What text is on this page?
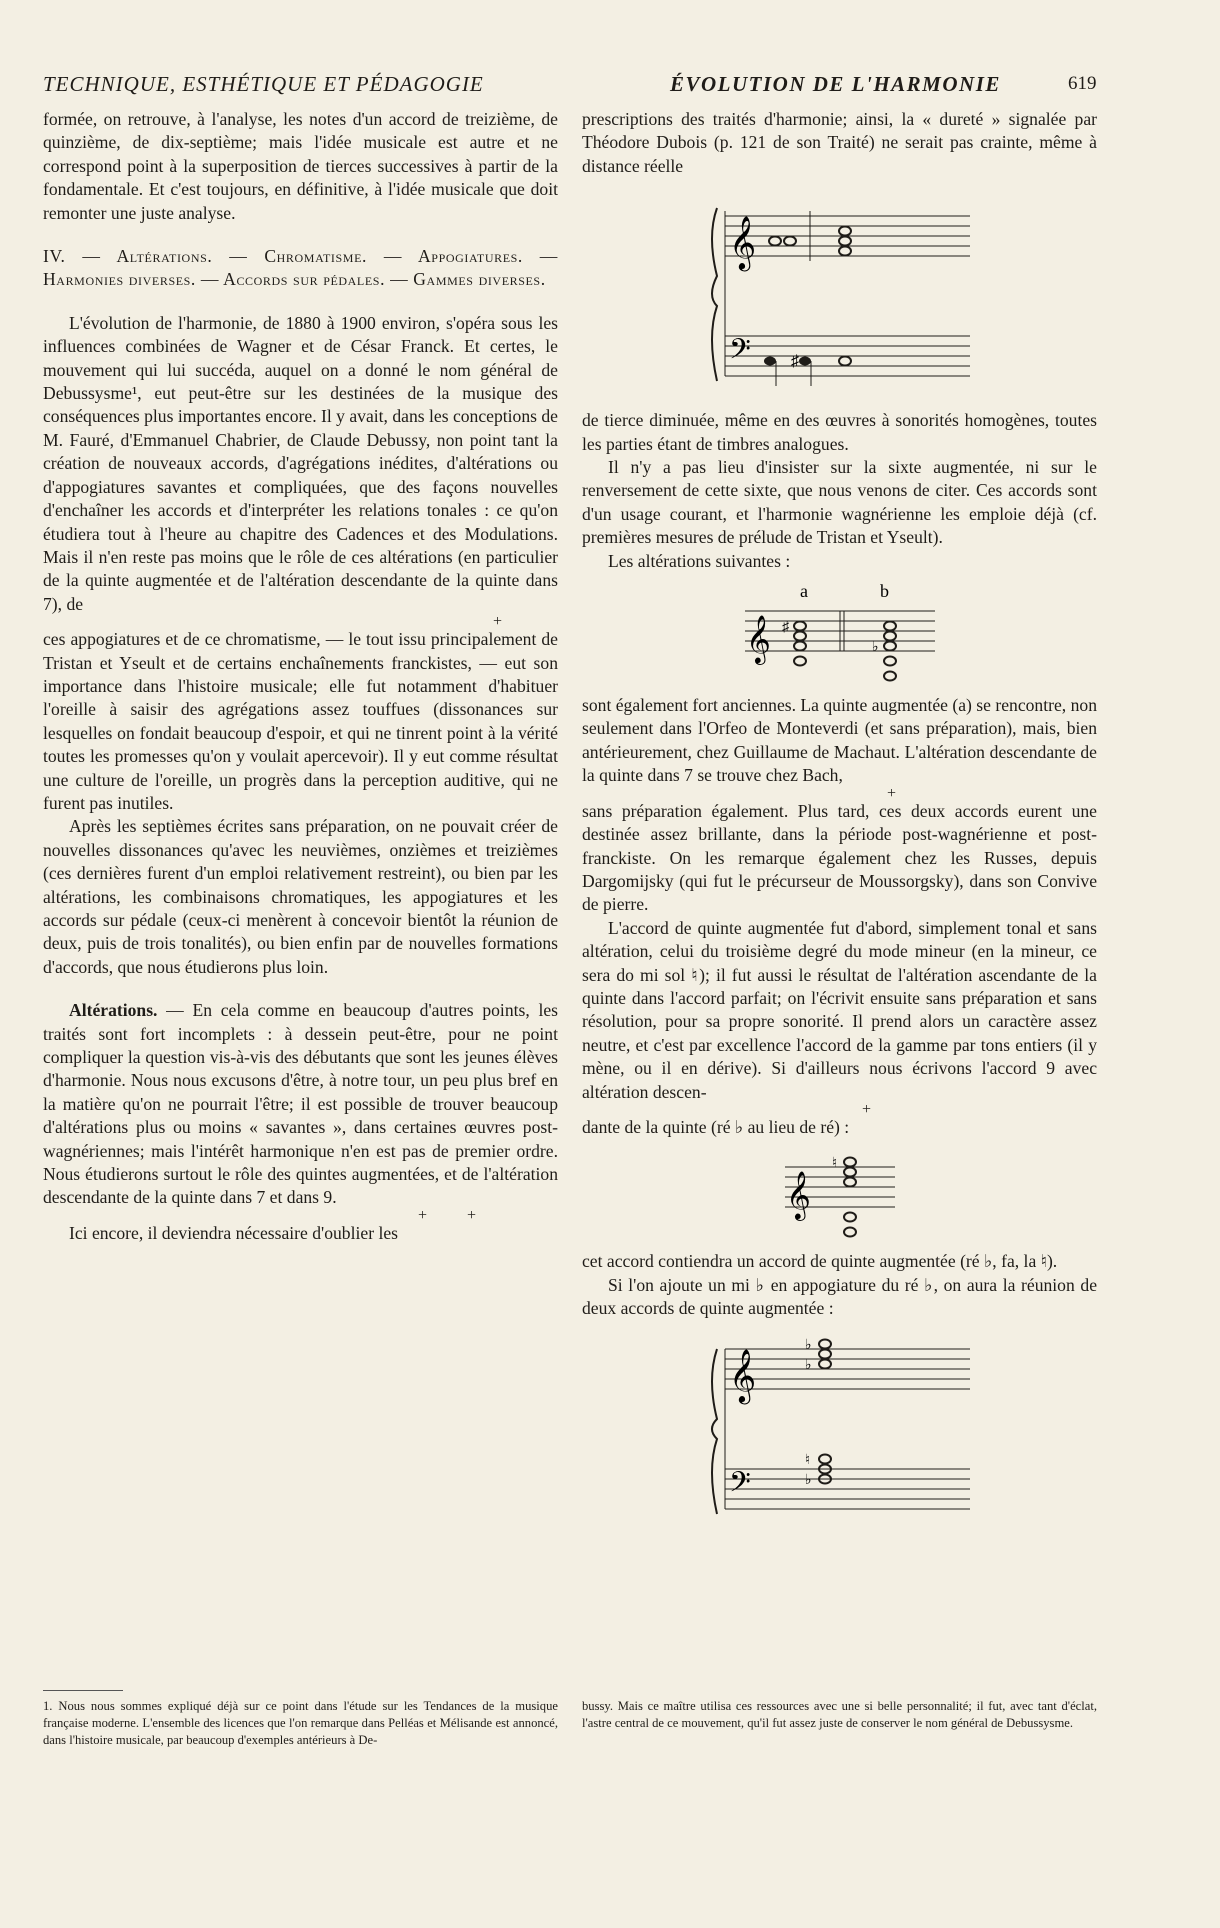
TECHNIQUE, ESTHÉTIQUE ET PÉDAGOGIE	ÉVOLUTION DE L'HARMONIE	619

formée, on retrouve, à l'analyse, les notes d'un accord de treizième, de quinzième, de dix-septième; mais l'idée musicale est autre et ne correspond point à la superposition de tierces successives à partir de la fondamentale. Et c'est toujours, en définitive, à l'idée musicale que doit remonter une juste analyse.

IV. — Altérations. — Chromatisme. — Appogiatures. — Harmonies diverses. — Accords sur pédales. — Gammes diverses.

L'évolution de l'harmonie, de 1880 à 1900 environ, s'opéra sous les influences combinées de Wagner et de César Franck. Et certes, le mouvement qui lui succéda, auquel on a donné le nom général de Debussysme¹, eut peut-être sur les destinées de la musique des conséquences plus importantes encore. Il y avait, dans les conceptions de M. Fauré, d'Emmanuel Chabrier, de Claude Debussy, non point tant la création de nouveaux accords, d'agrégations inédites, d'altérations ou d'appogiatures savantes et compliquées, que des façons nouvelles d'enchaîner les accords et d'interpréter les relations tonales : ce qu'on étudiera tout à l'heure au chapitre des Cadences et des Modulations. Mais il n'en reste pas moins que le rôle de ces altérations (en particulier de la quinte augmentée et de l'altération descendante de la quinte dans 7), de

+

ces appogiatures et de ce chromatisme, — le tout issu principalement de Tristan et Yseult et de certains enchaînements franckistes, — eut son importance dans l'histoire musicale; elle fut notamment d'habituer l'oreille à saisir des agrégations assez touffues (dissonances sur lesquelles on fondait beaucoup d'espoir, et qui ne tinrent point à la vérité toutes les promesses qu'on y voulait apercevoir). Il y eut comme résultat une culture de l'oreille, un progrès dans la perception auditive, qui ne furent pas inutiles.

Après les septièmes écrites sans préparation, on ne pouvait créer de nouvelles dissonances qu'avec les neuvièmes, onzièmes et treizièmes (ces dernières furent d'un emploi relativement restreint), ou bien par les altérations, les combinaisons chromatiques, les appogiatures et les accords sur pédale (ceux-ci menèrent à concevoir bientôt la réunion de deux, puis de trois tonalités), ou bien enfin par de nouvelles formations d'accords, que nous étudierons plus loin.

Altérations. — En cela comme en beaucoup d'autres points, les traités sont fort incomplets : à dessein peut-être, pour ne point compliquer la question vis-à-vis des débutants que sont les jeunes élèves d'harmonie. Nous nous excusons d'être, à notre tour, un peu plus bref en la matière qu'on ne pourrait l'être; il est possible de trouver beaucoup d'altérations plus ou moins « savantes », dans certaines œuvres post-wagnériennes; mais l'intérêt harmonique n'en est pas de premier ordre. Nous étudierons surtout le rôle des quintes augmentées, et de l'altération descendante de la quinte dans 7 et dans 9.

+          +

Ici encore, il deviendra nécessaire d'oublier les

prescriptions des traités d'harmonie; ainsi, la « dureté » signalée par Théodore Dubois (p. 121 de son Traité) ne serait pas crainte, même à distance réelle

𝄞
𝄢	♯

de tierce diminuée, même en des œuvres à sonorités homogènes, toutes les parties étant de timbres analogues.

Il n'y a pas lieu d'insister sur la sixte augmentée, ni sur le renversement de cette sixte, que nous venons de citer. Ces accords sont d'un usage courant, et l'harmonie wagnérienne les emploie déjà (cf. premières mesures de prélude de Tristan et Yseult).

Les altérations suivantes :

a	b
𝄞 ♯
♭

sont également fort anciennes. La quinte augmentée (a) se rencontre, non seulement dans l'Orfeo de Monteverdi (et sans préparation), mais, bien antérieurement, chez Guillaume de Machaut. L'altération descendante de la quinte dans 7 se trouve chez Bach,

+

sans préparation également. Plus tard, ces deux accords eurent une destinée assez brillante, dans la période post-wagnérienne et post-franckiste. On les remarque également chez les Russes, depuis Dargomijsky (qui fut le précurseur de Moussorgsky), dans son Convive de pierre.

L'accord de quinte augmentée fut d'abord, simplement tonal et sans altération, celui du troisième degré du mode mineur (en la mineur, ce sera do mi sol ♮); il fut aussi le résultat de l'altération ascendante de la quinte dans l'accord parfait; on l'écrivit ensuite sans préparation et sans résolution, pour sa propre sonorité. Il prend alors un caractère assez neutre, et c'est par excellence l'accord de la gamme par tons entiers (il y mène, ou il en dérive). Si d'ailleurs nous écrivons l'accord 9 avec altération descen-

+

dante de la quinte (ré ♭ au lieu de ré) :

𝄞
♮

cet accord contiendra un accord de quinte augmentée (ré ♭, fa, la ♮).

Si l'on ajoute un mi ♭ en appogiature du ré ♭, on aura la réunion de deux accords de quinte augmentée :

𝄞
𝄢
♭
♭
♮
♭
1. Nous nous sommes expliqué déjà sur ce point dans l'étude sur les Tendances de la musique française moderne. L'ensemble des licences que l'on remarque dans Pelléas et Mélisande est annoncé, dans l'histoire musicale, par beaucoup d'exemples antérieurs à De-
bussy. Mais ce maître utilisa ces ressources avec une si belle personnalité; il fut, avec tant d'éclat, l'astre central de ce mouvement, qu'il fut assez juste de conserver le nom général de Debussysme.
